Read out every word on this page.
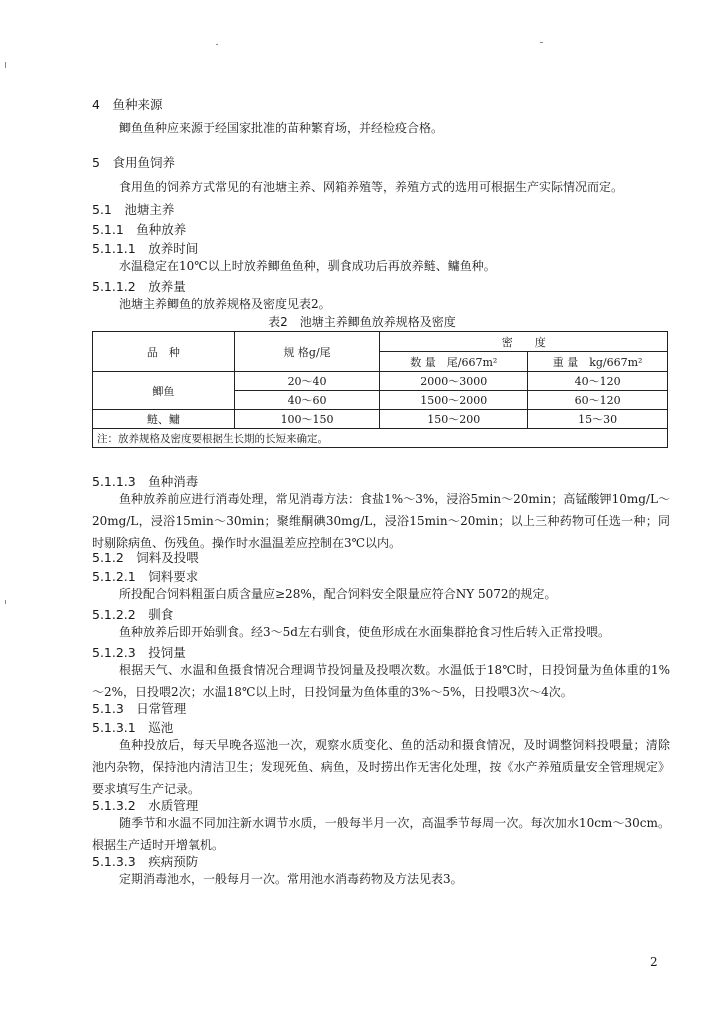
4　鱼种来源
鲫鱼鱼种应来源于经国家批准的苗种繁育场，并经检疫合格。
5　食用鱼饲养
食用鱼的饲养方式常见的有池塘主养、网箱养殖等，养殖方式的选用可根据生产实际情况而定。
5.1　池塘主养
5.1.1　鱼种放养
5.1.1.1　放养时间
水温稳定在10℃以上时放养鲫鱼鱼种，驯食成功后再放养鲢、鳙鱼种。
5.1.1.2　放养量
池塘主养鲫鱼的放养规格及密度见表2。
表2　池塘主养鲫鱼放养规格及密度
品　种	规 格g/尾	密　　度	
		数 量　尾/667m²	重 量　kg/667m²
鲫鱼	20～40	2000～3000	40～120
	40～60	1500～2000	60～120
鲢、鳙	100～150	150～200	15～30
注：放养规格及密度要根据生长期的长短来确定。			
5.1.1.3　鱼种消毒
鱼种放养前应进行消毒处理，常见消毒方法：食盐1%～3%，浸浴5min～20min；高锰酸钾10mg/L～20mg/L，浸浴15min～30min；聚维酮碘30mg/L，浸浴15min～20min；以上三种药物可任选一种；同时剔除病鱼、伤残鱼。操作时水温温差应控制在3℃以内。
5.1.2　饲料及投喂
5.1.2.1　饲料要求
所投配合饲料粗蛋白质含量应≥28%，配合饲料安全限量应符合NY 5072的规定。
5.1.2.2　驯食
鱼种放养后即开始驯食。经3～5d左右驯食，使鱼形成在水面集群抢食习性后转入正常投喂。
5.1.2.3　投饲量
根据天气、水温和鱼摄食情况合理调节投饲量及投喂次数。水温低于18℃时，日投饲量为鱼体重的1%～2%，日投喂2次；水温18℃以上时，日投饲量为鱼体重的3%～5%，日投喂3次～4次。
5.1.3　日常管理
5.1.3.1　巡池
鱼种投放后，每天早晚各巡池一次，观察水质变化、鱼的活动和摄食情况，及时调整饲料投喂量；清除池内杂物，保持池内清洁卫生；发现死鱼、病鱼，及时捞出作无害化处理，按《水产养殖质量安全管理规定》要求填写生产记录。
5.1.3.2　水质管理
随季节和水温不同加注新水调节水质，一般每半月一次，高温季节每周一次。每次加水10cm～30cm。根据生产适时开增氧机。
5.1.3.3　疾病预防
定期消毒池水，一般每月一次。常用池水消毒药物及方法见表3。
2
